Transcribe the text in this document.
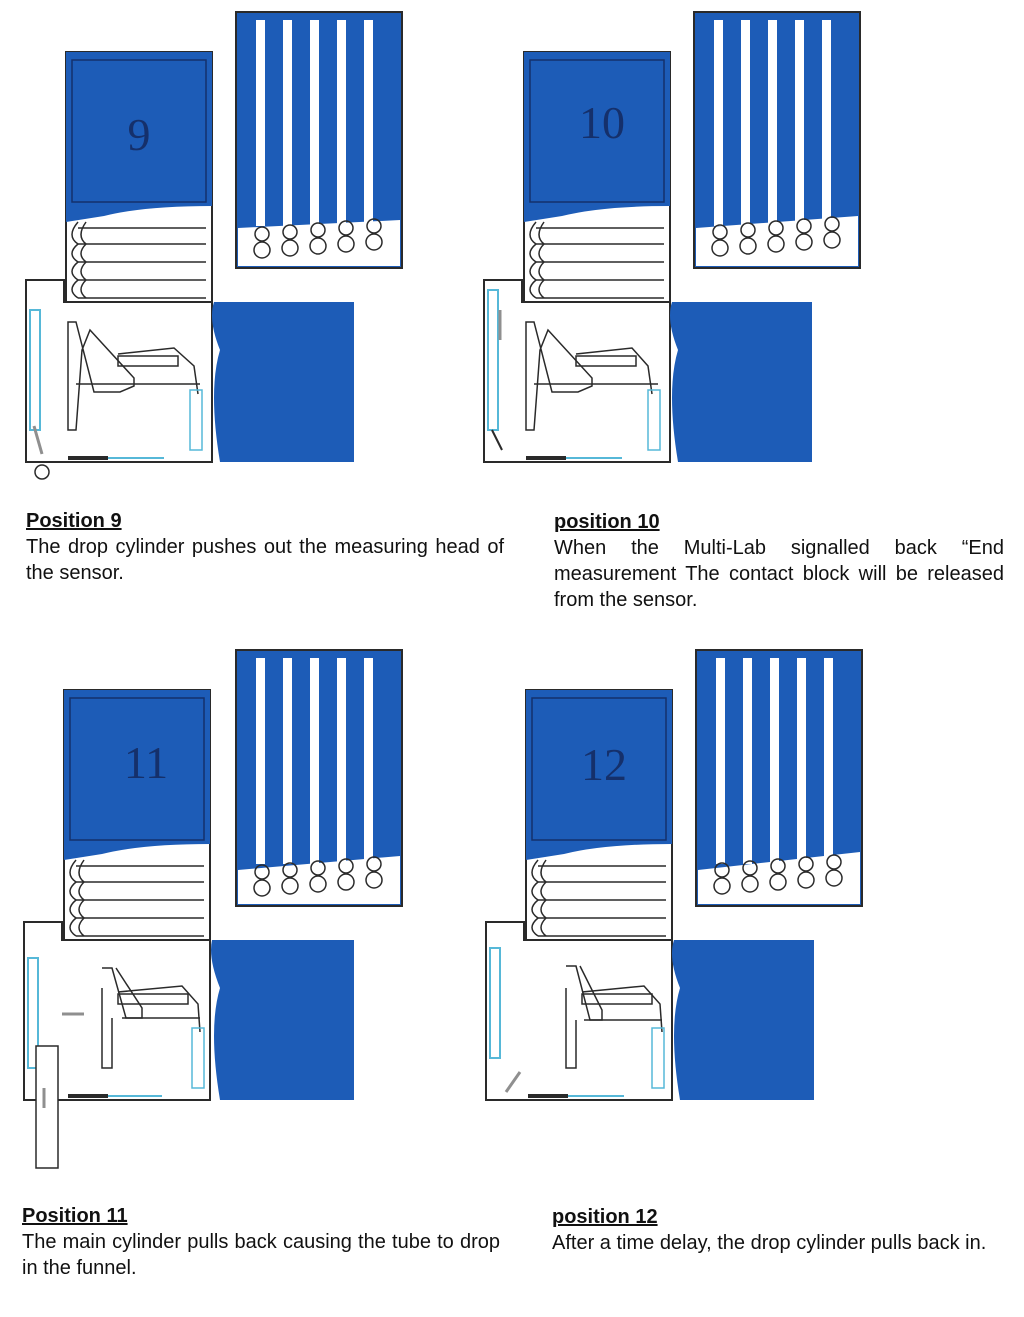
9	10
11	12
Position 9
The drop cylinder pushes out the measuring head of the sensor.
position 10
When the Multi-Lab signalled back “End measurement The contact block will be released from the sensor.
Position 11
The main cylinder pulls back causing the tube to drop in the funnel.
position 12
After a time delay, the drop cylinder pulls back in.
